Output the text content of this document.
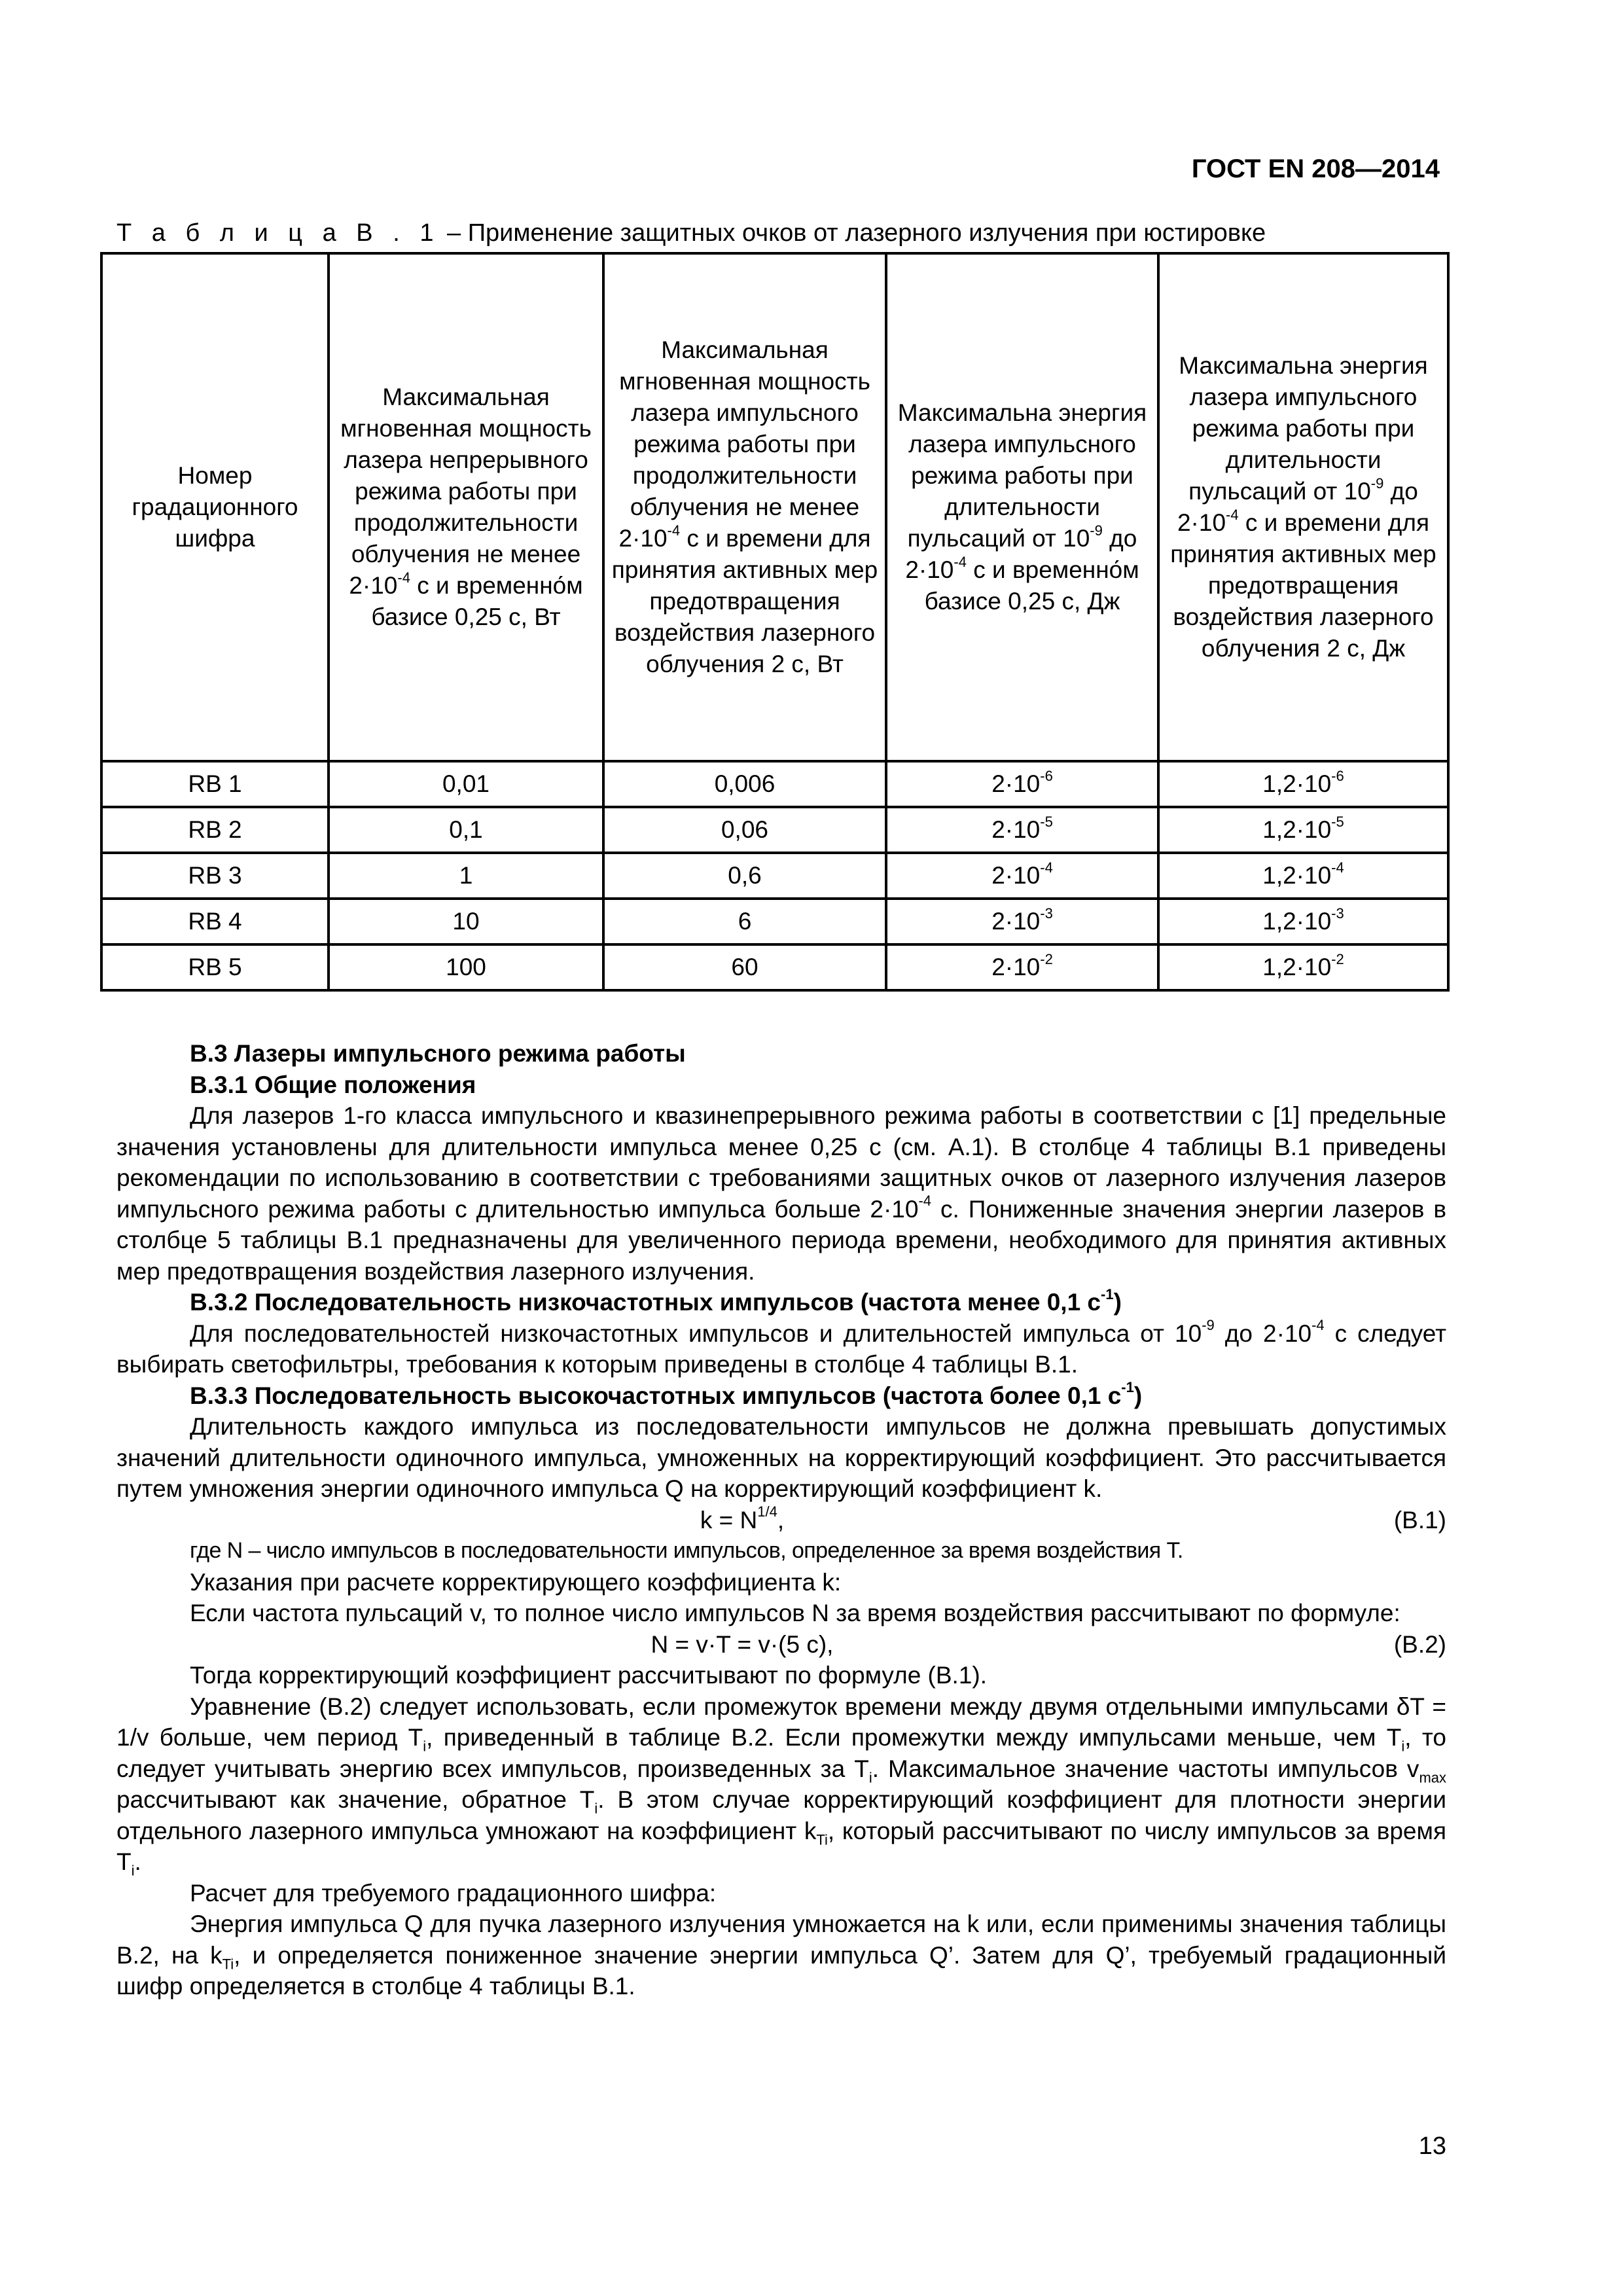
ГОСТ EN 208—2014
Т а б л и ц а В . 1 – Применение защитных очков от лазерного излучения при юстировке
Номер градационного шифра	Максимальная мгновенная мощность лазера непрерывного режима работы при продолжительности облучения не менее $2\cdot 10^{-4}$ с и временно́м базисе 0,25 с, Вт	Максимальная мгновенная мощность лазера импульсного режима работы при продолжительности облучения не менее $2\cdot 10^{-4}$ с и времени для принятия активных мер предотвращения воздействия лазерного облучения 2 с, Вт	Максимальна энергия лазера импульсного режима работы при длительности пульсаций от $10^{-9}$ до $2\cdot 10^{-4}$ с и временно́м базисе 0,25 с, Дж	Максимальна энергия лазера импульсного режима работы при длительности пульсаций от $10^{-9}$ до $2\cdot 10^{-4}$ с и времени для принятия активных мер предотвращения воздействия лазерного облучения 2 с, Дж
RB 1	0,01	0,006	$2\cdot 10^{-6}$	$1,2\cdot 10^{-6}$
RB 2	0,1	0,06	$2\cdot 10^{-5}$	$1,2\cdot 10^{-5}$
RB 3	1	0,6	$2\cdot 10^{-4}$	$1,2\cdot 10^{-4}$
RB 4	10	6	$2\cdot 10^{-3}$	$1,2\cdot 10^{-3}$
RB 5	100	60	$2\cdot 10^{-2}$	$1,2\cdot 10^{-2}$

В.3 Лазеры импульсного режима работы

В.3.1 Общие положения

Для лазеров 1-го класса импульсного и квазинепрерывного режима работы в соответствии с [1] предельные значения установлены для длительности импульса менее 0,25 с (см. А.1). В столбце 4 таблицы В.1 приведены рекомендации по использованию в соответствии с требованиями защитных очков от лазерного излучения лазеров импульсного режима работы с длительностью импульса больше $2\cdot 10^{-4}$ с. Пониженные значения энергии лазеров в столбце 5 таблицы В.1 предназначены для увеличенного периода времени, необходимого для принятия активных мер предотвращения воздействия лазерного излучения.

В.3.2 Последовательность низкочастотных импульсов (частота менее 0,1 $с^{-1}$)

Для последовательностей низкочастотных импульсов и длительностей импульса от $10^{-9}$ до $2\cdot 10^{-4}$ с следует выбирать светофильтры, требования к которым приведены в столбце 4 таблицы В.1.

В.3.3 Последовательность высокочастотных импульсов (частота более 0,1 $с^{-1}$)

Длительность каждого импульса из последовательности импульсов не должна превышать допустимых значений длительности одиночного импульса, умноженных на корректирующий коэффициент. Это рассчитывается путем умножения энергии одиночного импульса Q на корректирующий коэффициент k.

$k = N^{1/4}$,	(В.1)

где N – число импульсов в последовательности импульсов, определенное за время воздействия T.

Указания при расчете корректирующего коэффициента k:

Если частота пульсаций v, то полное число импульсов N за время воздействия рассчитывают по формуле:

N = v·T = v·(5 с),	(В.2)

Тогда корректирующий коэффициент рассчитывают по формуле (В.1).

Уравнение (В.2) следует использовать, если промежуток времени между двумя отдельными импульсами δT = 1/v больше, чем период $T_i$, приведенный в таблице В.2. Если промежутки между импульсами меньше, чем $T_i$, то следует учитывать энергию всех импульсов, произведенных за $T_i$. Максимальное значение частоты импульсов $v_{max}$ рассчитывают как значение, обратное $T_i$. В этом случае корректирующий коэффициент для плотности энергии отдельного лазерного импульса умножают на коэффициент $k_{Ti}$, который рассчитывают по числу импульсов за время $T_i$.

Расчет для требуемого градационного шифра:

Энергия импульса Q для пучка лазерного излучения умножается на k или, если применимы значения таблицы В.2, на $k_{Ti}$, и определяется пониженное значение энергии импульса Q’. Затем для Q’, требуемый градационный шифр определяется в столбце 4 таблицы В.1.

13
